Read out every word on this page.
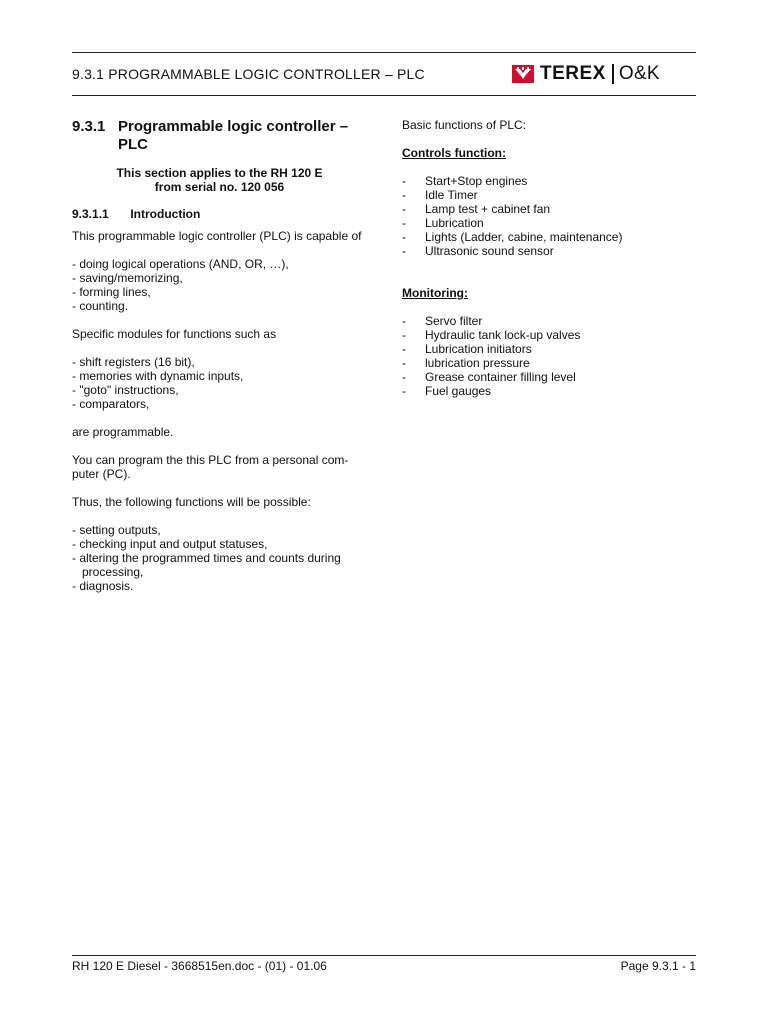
9.3.1 PROGRAMMABLE LOGIC CONTROLLER – PLC	TEREX O&K
9.3.1 Programmable logic controller –
PLC
This section applies to the RH 120 E
from serial no. 120 056
9.3.1.1 Introduction

This programmable logic controller (PLC) is capable of

- doing logical operations (AND, OR, …),
- saving/memorizing,
- forming lines,
- counting.

Specific modules for functions such as

- shift registers (16 bit),
- memories with dynamic inputs,
- "goto" instructions,
- comparators,

are programmable.

You can program the this PLC from a personal com-
puter (PC).

Thus, the following functions will be possible:

- setting outputs,
- checking input and output statuses,
- altering the programmed times and counts during
processing,
- diagnosis.

Basic functions of PLC:

Controls function:
-	Start+Stop engines
-	Idle Timer
-	Lamp test + cabinet fan
-	Lubrication
-	Lights (Ladder, cabine, maintenance)
-	Ultrasonic sound sensor
Monitoring:
-	Servo filter
-	Hydraulic tank lock-up valves
-	Lubrication initiators
-	lubrication pressure
-	Grease container filling level
-	Fuel gauges
RH 120 E Diesel - 3668515en.doc - (01) - 01.06	Page 9.3.1 - 1
